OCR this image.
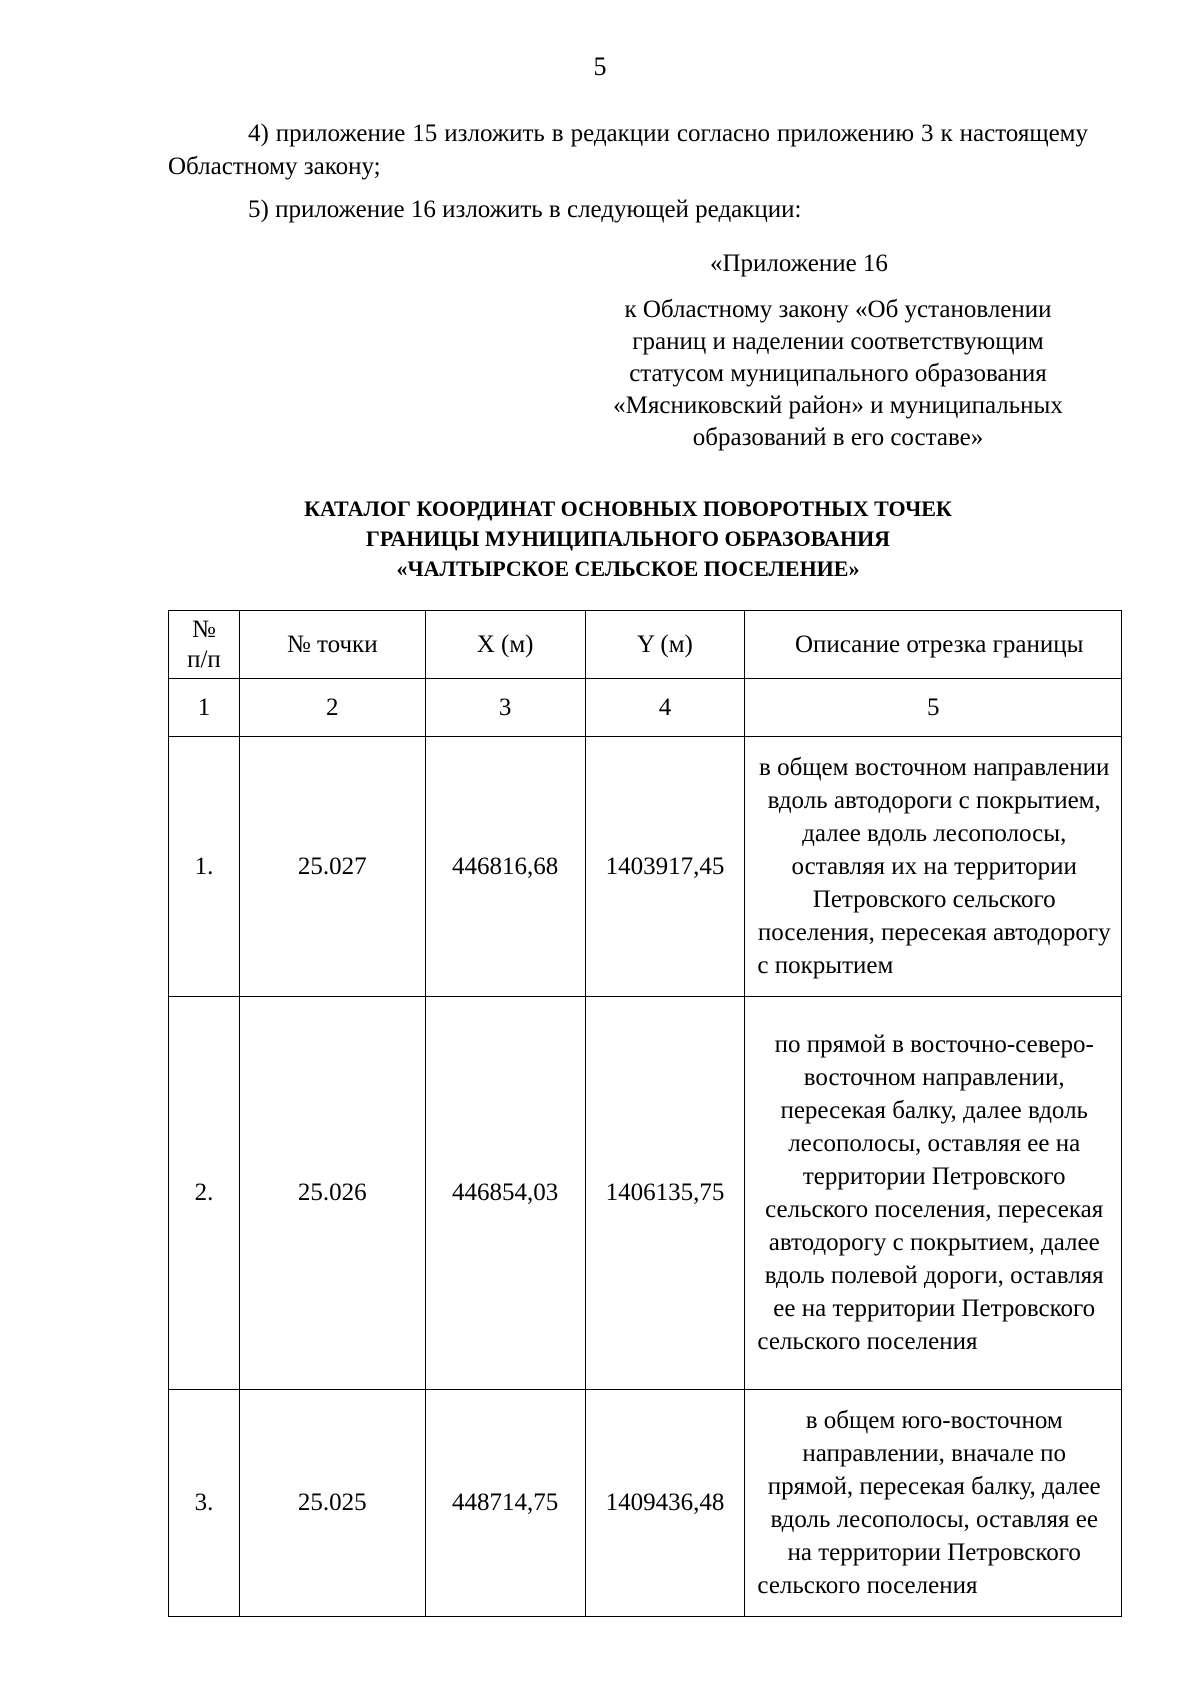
5
4) приложение 15 изложить в редакции согласно приложению 3 к настоящему Областному закону;
5) приложение 16 изложить в следующей редакции:
«Приложение 16
к Областному закону «Об установлении
границ и наделении соответствующим
статусом муниципального образования
«Мясниковский район» и муниципальных
образований в его составе»
КАТАЛОГ КООРДИНАТ ОСНОВНЫХ ПОВОРОТНЫХ ТОЧЕК
ГРАНИЦЫ МУНИЦИПАЛЬНОГО ОБРАЗОВАНИЯ
«ЧАЛТЫРСКОЕ СЕЛЬСКОЕ ПОСЕЛЕНИЕ»
№
п/п	№ точки	X (м)	Y (м)	Описание отрезка границы
1	2	3	4	5
1.	25.027	446816,68	1403917,45	в общем восточном направлении вдоль автодороги с покрытием, далее вдоль лесополосы, оставляя их на территории Петровского сельского поселения, пересекая автодорогу с покрытием
2.	25.026	446854,03	1406135,75	по прямой в восточно-северо-восточном направлении, пересекая балку, далее вдоль лесополосы, оставляя ее на территории Петровского сельского поселения, пересекая автодорогу с покрытием, далее вдоль полевой дороги, оставляя ее на территории Петровского сельского поселения
3.	25.025	448714,75	1409436,48	в общем юго-восточном направлении, вначале по прямой, пересекая балку, далее вдоль лесополосы, оставляя ее на территории Петровского сельского поселения
